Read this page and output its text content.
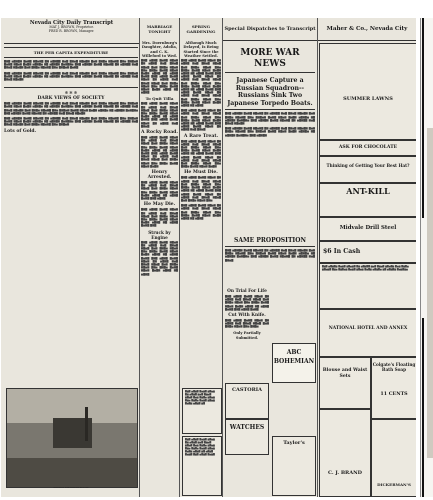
Nevada City Daily Transcript
MAT J. BROWN, Proprietor.
FRED R. BROWN, Manager.
THE PER CAPITA EXPENDITURE

▇▆▇ ▅▇▆▇▆ ▇▅▆▇ ▆▇▅▆▇ ▇▆ ▅▇▆▇▇ ▆▅▇ ▇▆▅▇ ▆▇▅▇▆ ▇▅▆ ▇▆▇▅ ▆▇▅▆▇ ▇▆▅ ▇▆▇▅▆ ▇▅▆▇ ▆▇▅▆ ▇▅▇▆ ▅▇▆▇▅ ▆▇ ▅▇▆▇▆ ▇▅▆▇▆▅ ▇▆▇ ▅▇▆▇▆ ▇▅▆▇ ▆▇▅▆▇ ▇▆ ▅▇▆▇▇ ▆▅▇ ▇▆▅▇ ▆▇▅▇▆ ▇▅▆ ▇▆▇▅ ▆▇▅▆▇ ▇▆▅ ▇▆▇▅▆ ▇▅▆▇

▇▆▇ ▅▇▆▇▆ ▇▅▆▇ ▆▇▅▆▇ ▇▆ ▅▇▆▇▇ ▆▅▇ ▇▆▅▇ ▆▇▅▇▆ ▇▅▆ ▇▆▇▅ ▆▇▅▆▇ ▇▆▅ ▇▆▇▅▆ ▇▅▆▇ ▆▇▅▆ ▇▅▇▆ ▅▇▆▇▅ ▆▇ ▅▇▆▇▆ ▇▅▆▇▆▅ ▇▆▇ ▅▇▆▇▆ ▇▅▆▇ ▆▇▅▆▇ ▇▆ ▅▇▆▇▇ ▆▅▇ ▇▆▅▇ ▆▇▅▇▆

✻ ✻ ✻
DARK VIEWS OF SOCIETY

▇▆▇ ▅▇▆▇▆ ▇▅▆▇ ▆▇▅▆▇ ▇▆ ▅▇▆▇▇ ▆▅▇ ▇▆▅▇ ▆▇▅▇▆ ▇▅▆ ▇▆▇▅ ▆▇▅▆▇ ▇▆▅ ▇▆▇▅▆ ▇▅▆▇ ▆▇▅▆ ▇▅▇▆ ▅▇▆▇▅ ▆▇ ▅▇▆▇▆ ▇▅▆▇▆▅ ▇▆▇ ▅▇▆▇▆ ▇▅▆▇ ▆▇▅▆▇ ▇▆ ▅▇▆▇▇ ▆▅▇ ▇▆▅▇ ▆▇▅▇▆ ▇▅▆ ▇▆▇▅ ▆▇▅▆▇ ▇▆▅ ▇▆▇▅▆ ▇▅▆▇ ▆▇▅▆ ▇▅▇▆ ▅▇▆▇▅ ▆▇ ▅▇▆▇▆ ▇▅▆▇▆▅ ▇▆▇ ▅▇▆▇▆ ▇▅▆▇ ▆▇▅▆▇ ▇▆ ▅▇▆▇▇ ▆▅▇ ▇▆▅▇ ▆▇▅▇▆

▇▆▇ ▅▇▆▇▆ ▇▅▆▇ ▆▇▅▆▇ ▇▆ ▅▇▆▇▇ ▆▅▇ ▇▆▅▇ ▆▇▅▇▆ ▇▅▆ ▇▆▇▅ ▆▇▅▆▇ ▇▆▅ ▇▆▇▅▆ ▇▅▆▇ ▆▇▅▆ ▇▅▇▆ ▅▇▆▇▅ ▆▇ ▅▇▆▇▆ ▇▅▆▇▆▅ ▇▆▇ ▅▇▆▇▆ ▇▅▆▇ ▆▇▅▆▇ ▇▆ ▅▇▆▇▇ ▆▅▇ ▇▆▅▇ ▆▇▅▇▆ ▇▅▆ ▇▆▇▅ ▆▇▅▆▇ ▇▆▅ ▇▆▇▅▆

Lots of Gold.
MINERS DREDGING SCENE
MARRIAGE TONIGHT
Mrs. Doernburg's Daughter, Adolia, and C. K. Willeford to Wed.

▇▆▇ ▅▇▆▇ ▇▅▆▇ ▆▇▅▆ ▇▆ ▅▇▆▇ ▆▅▇ ▇▆▅▇ ▆▇▅▇ ▇▅▆ ▇▆▇▅ ▆▇▅▆ ▇▆▅ ▇▆▇▅ ▇▅▆▇ ▆▇▅▆ ▇▅▇▆ ▅▇▆▇ ▆▇ ▅▇▆▇ ▇▅▆▇ ▇▆▇ ▅▇▆▇ ▇▅▆▇ ▆▇▅▆ ▇▆ ▅▇▆▇ ▆▅▇ ▇▆▅▇ ▆▇▅▇ ▇▅▆ ▇▆▇▅ ▆▇▅▆ ▇▆▅ ▇▆▇▅ ▇▅▆▇ ▆▇▅▆ ▇▅▇▆ ▅▇▆▇ ▆▇ ▅▇▆▇

To Quit Tilla

▇▆▇ ▅▇▆▇ ▇▅▆▇ ▆▇▅▆ ▇▆ ▅▇▆▇ ▆▅▇ ▇▆▅▇ ▆▇▅▇ ▇▅▆ ▇▆▇▅ ▆▇▅▆ ▇▆▅ ▇▆▇▅ ▇▅▆▇ ▆▇▅▆ ▇▅▇▆ ▅▇▆▇ ▆▇ ▅▇▆▇ ▇▅▆▇ ▇▆▇ ▅▇▆▇ ▇▅▆▇ ▆▇▅▆ ▇▆ ▅▇▆▇ ▆▅▇ ▇▆▅▇

A Rocky Road.

▇▆▇ ▅▇▆▇ ▇▅▆▇ ▆▇▅▆ ▇▆ ▅▇▆▇ ▆▅▇ ▇▆▅▇ ▆▇▅▇ ▇▅▆ ▇▆▇▅ ▆▇▅▆ ▇▆▅ ▇▆▇▅ ▇▅▆▇ ▆▇▅▆ ▇▅▇▆ ▅▇▆▇ ▆▇ ▅▇▆▇ ▇▅▆▇ ▇▆▇ ▅▇▆▇ ▇▅▆▇ ▆▇▅▆ ▇▆ ▅▇▆▇ ▆▅▇ ▇▆▅▇ ▆▇▅▇ ▇▅▆ ▇▆▇▅ ▆▇▅▆ ▇▆▅ ▇▆▇▅ ▇▅▆▇ ▆▇▅▆ ▇▅▇▆

Henry Arrested.

▇▆▇ ▅▇▆▇ ▇▅▆▇ ▆▇▅▆ ▇▆ ▅▇▆▇ ▆▅▇ ▇▆▅▇ ▆▇▅▇ ▇▅▆ ▇▆▇▅ ▆▇▅▆ ▇▆▅ ▇▆▇▅ ▇▅▆▇ ▆▇▅▆ ▇▅▇▆ ▅▇▆▇ ▆▇ ▅▇▆▇ ▇▅▆▇ ▇▆▇ ▅▇▆▇

He May Die.

▇▆▇ ▅▇▆▇ ▇▅▆▇ ▆▇▅▆ ▇▆ ▅▇▆▇ ▆▅▇ ▇▆▅▇ ▆▇▅▇ ▇▅▆ ▇▆▇▅ ▆▇▅▆ ▇▆▅ ▇▆▇▅ ▇▅▆▇ ▆▇▅▆ ▇▅▇▆ ▅▇▆▇ ▆▇ ▅▇▆▇ ▇▅▆▇ ▇▆▇

Struck by Engine

▇▆▇ ▅▇▆▇ ▇▅▆▇ ▆▇▅▆ ▇▆ ▅▇▆▇ ▆▅▇ ▇▆▅▇ ▆▇▅▇ ▇▅▆ ▇▆▇▅ ▆▇▅▆ ▇▆▅ ▇▆▇▅ ▇▅▆▇ ▆▇▅▆ ▇▅▇▆ ▅▇▆▇ ▆▇ ▅▇▆▇ ▇▅▆▇ ▇▆▇ ▅▇▆▇ ▇▅▆▇ ▆▇▅▆ ▇▆ ▅▇▆▇ ▆▅▇ ▇▆▅▇ ▆▇▅▇ ▇▅▆ ▇▆▇▅ ▆▇▅▆ ▇▆▅ ▇▆▇▅ ▇▅▆▇ ▆▇▅▆ ▇▅▇▆ ▅▇▆▇ ▆▇ ▅▇▆▇

SPRING GARDENING
Although Much Delayed, Is Being Started Since the Weather Settled.

▇▆▇ ▅▇▆▇ ▇▅▆▇ ▆▇▅▆ ▇▆ ▅▇▆▇ ▆▅▇ ▇▆▅▇ ▆▇▅▇ ▇▅▆ ▇▆▇▅ ▆▇▅▆ ▇▆▅ ▇▆▇▅ ▇▅▆▇ ▆▇▅▆ ▇▅▇▆ ▅▇▆▇ ▆▇ ▅▇▆▇ ▇▅▆▇ ▇▆▇ ▅▇▆▇ ▇▅▆▇ ▆▇▅▆ ▇▆ ▅▇▆▇ ▆▅▇ ▇▆▅▇ ▆▇▅▇ ▇▅▆ ▇▆▇▅ ▆▇▅▆ ▇▆▅ ▇▆▇▅ ▇▅▆▇ ▆▇▅▆ ▇▅▇▆ ▅▇▆▇ ▆▇ ▅▇▆▇ ▇▅▆▇ ▇▆▇ ▅▇▆▇ ▇▅▆▇ ▆▇▅▆ ▇▆ ▅▇▆▇ ▆▅▇ ▇▆▅▇ ▆▇▅▇ ▇▅▆ ▇▆▇▅ ▆▇▅▆ ▇▆▅ ▇▆▇▅ ▇▅▆▇ ▆▇▅▆ ▇▅▇▆ ▅▇▆▇ ▆▇ ▅▇▆▇

▇▆▇ ▅▇▆▇ ▇▅▆▇ ▆▇▅▆ ▇▆ ▅▇▆▇ ▆▅▇ ▇▆▅▇ ▆▇▅▇ ▇▅▆ ▇▆▇▅ ▆▇▅▆ ▇▆▅ ▇▆▇▅ ▇▅▆▇ ▆▇▅▆ ▇▅▇▆ ▅▇▆▇ ▆▇ ▅▇▆▇ ▇▅▆▇ ▇▆▇ ▅▇▆▇ ▇▅▆▇ ▆▇▅▆ ▇▆ ▅▇▆▇ ▆▅▇ ▇▆▅▇

A Rare Treat.

▇▆▇ ▅▇▆▇ ▇▅▆▇ ▆▇▅▆ ▇▆ ▅▇▆▇ ▆▅▇ ▇▆▅▇ ▆▇▅▇ ▇▅▆ ▇▆▇▅ ▆▇▅▆ ▇▆▅ ▇▆▇▅ ▇▅▆▇ ▆▇▅▆ ▇▅▇▆ ▅▇▆▇ ▆▇ ▅▇▆▇ ▇▅▆▇ ▇▆▇ ▅▇▆▇ ▇▅▆▇ ▆▇▅▆ ▇▆ ▅▇▆▇ ▆▅▇ ▇▆▅▇ ▆▇▅▇ ▇▅▆ ▇▆▇▅ ▆▇▅▆ ▇▆▅ ▇▆▇▅ ▇▅▆▇ ▆▇▅▆ ▇▅▇▆

He Must Die.

▇▆▇ ▅▇▆▇ ▇▅▆▇ ▆▇▅▆ ▇▆ ▅▇▆▇ ▆▅▇ ▇▆▅▇ ▆▇▅▇ ▇▅▆ ▇▆▇▅ ▆▇▅▆ ▇▆▅ ▇▆▇▅ ▇▅▆▇ ▆▇▅▆ ▇▅▇▆ ▅▇▆▇ ▆▇ ▅▇▆▇ ▇▅▆▇ ▇▆▇ ▅▇▆▇ ▇▅▆▇ ▆▇▅▆ ▇▆ ▅▇▆▇ ▆▅▇ ▇▆▅▇ ▆▇▅▇ ▇▅▆ ▇▆▇▅ ▆▇▅▆ ▇▆▅

▇▆▇ ▅▇▆▇ ▇▅▆▇ ▆▇▅▆ ▇▆ ▅▇▆▇ ▆▅▇ ▇▆▅▇ ▆▇▅▇ ▇▅▆ ▇▆▇▅ ▆▇▅▆ ▇▆▅ ▇▆▇▅ ▇▅▆▇ ▆▇▅▆ ▇▅▇▆ ▅▇▆▇ ▆▇ ▅▇▆▇

▇▆▇ ▅▇▆▇ ▇▅▆▇ ▆▇▅▆ ▇▆ ▅▇▆▇ ▆▅▇ ▇▆▅▇ ▆▇▅▇ ▇▅▆ ▇▆▇▅ ▆▇▅▆ ▇▆▅ ▇▆▇▅ ▇▅▆▇ ▆▇▅▆ ▇▅▇▆ ▅▇▆▇ ▆▇
▇▆▇ ▅▇▆▇ ▇▅▆▇ ▆▇▅▆ ▇▆ ▅▇▆▇ ▆▅▇ ▇▆▅▇ ▆▇▅▇ ▇▅▆ ▇▆▇▅ ▆▇▅▆ ▇▆▅ ▇▆▇▅ ▇▅▆▇ ▆▇▅▆ ▇▅▇▆ ▅▇▆▇ ▆▇ ▅▇▆▇ ▇▅▆▇ ▇▆▇ ▅▇▆▇ ▇▅▆▇
Special Dispatches to Transcript
MORE WAR NEWS
Japanese Capture a Russian Squadron--Russians Sink Two Japanese Torpedo Boats.

▇▆▇ ▅▇▆▇▆ ▇▅▆▇ ▆▇▅▆▇ ▇▆ ▅▇▆▇▇ ▆▅▇ ▇▆▅▇ ▆▇▅▇▆ ▇▅▆ ▇▆▇▅ ▆▇▅▆▇ ▇▆▅ ▇▆▇▅▆ ▇▅▆▇ ▆▇▅▆ ▇▅▇▆ ▅▇▆▇▅ ▆▇ ▅▇▆▇▆ ▇▅▆▇▆▅ ▇▆▇ ▅▇▆▇▆ ▇▅▆▇ ▆▇▅▆▇ ▇▆ ▅▇▆▇▇ ▆▅▇ ▇▆▅▇ ▆▇▅▇▆

▇▆▇ ▅▇▆▇▆ ▇▅▆▇ ▆▇▅▆▇ ▇▆ ▅▇▆▇▇ ▆▅▇ ▇▆▅▇ ▆▇▅▇▆ ▇▅▆ ▇▆▇▅ ▆▇▅▆▇ ▇▆▅ ▇▆▇▅▆ ▇▅▆▇ ▆▇▅▆ ▇▅▇▆ ▅▇▆▇▅ ▆▇ ▅▇▆▇▆ ▇▅▆▇▆▅ ▇▆▇ ▅▇▆▇▆

SAME PROPOSITION

▇▆▇ ▅▇▆▇▆ ▇▅▆▇ ▆▇▅▆▇ ▇▆ ▅▇▆▇▇ ▆▅▇ ▇▆▅▇ ▆▇▅▇▆ ▇▅▆ ▇▆▇▅ ▆▇▅▆▇ ▇▆▅ ▇▆▇▅▆ ▇▅▆▇ ▆▇▅▆ ▇▅▇▆ ▅▇▆▇▅ ▆▇ ▅▇▆▇▆ ▇▅▆▇▆▅ ▇▆▇ ▅▇▆▇▆ ▇▅▆▇ ▆▇▅▆▇ ▇▆ ▅▇▆▇▇ ▆▅▇ ▇▆▅▇

On Trial For Life

▇▆▇ ▅▇▆▇ ▇▅▆▇ ▆▇▅▆ ▇▆ ▅▇▆▇ ▆▅▇ ▇▆▅▇ ▆▇▅▇ ▇▅▆ ▇▆▇▅ ▆▇▅▆ ▇▆▅ ▇▆▇▅ ▇▅▆▇ ▆▇▅▆ ▇▅▇▆ ▅▇▆▇ ▆▇ ▅▇▆▇ ▇▅▆▇ ▇▆▇ ▅▇▆▇ ▇▅▆▇

Cut With Knife.

▇▆▇ ▅▇▆▇ ▇▅▆▇ ▆▇▅▆ ▇▆ ▅▇▆▇ ▆▅▇ ▇▆▅▇ ▆▇▅▇ ▇▅▆ ▇▆▇▅ ▆▇▅▆ ▇▆▅ ▇▆▇▅

Only Partially Submitted.
ABC BOHEMIAN
CASTORIA
WATCHES
Taylor's
Maher & Co., Nevada City
SUMMER LAWNS
ASK FOR CHOCOLATE
Thinking of Getting Your Best Hat?
ANT-KILL
Midvale Drill Steel
$6 In Cash
▇▆▇ ▅▇▆▇▆ ▇▅▆▇ ▆▇▅▆▇ ▇▆ ▅▇▆▇▇ ▆▅▇ ▇▆▅▇ ▆▇▅▇▆ ▇▅▆ ▇▆▇▅ ▆▇▅▆▇ ▇▆▅ ▇▆▇▅▆ ▇▅▆▇ ▆▇▅▆ ▇▅▇▆ ▅▇▆▇▅ ▆▇ ▅▇▆▇▆ ▇▅▆▇▆▅
NATIONAL HOTEL AND ANNEX
Blouse and Waist Sets
Colgate's Floating Bath Soap
11 CENTS
C. J. BRAND
DICKERMAN'S
